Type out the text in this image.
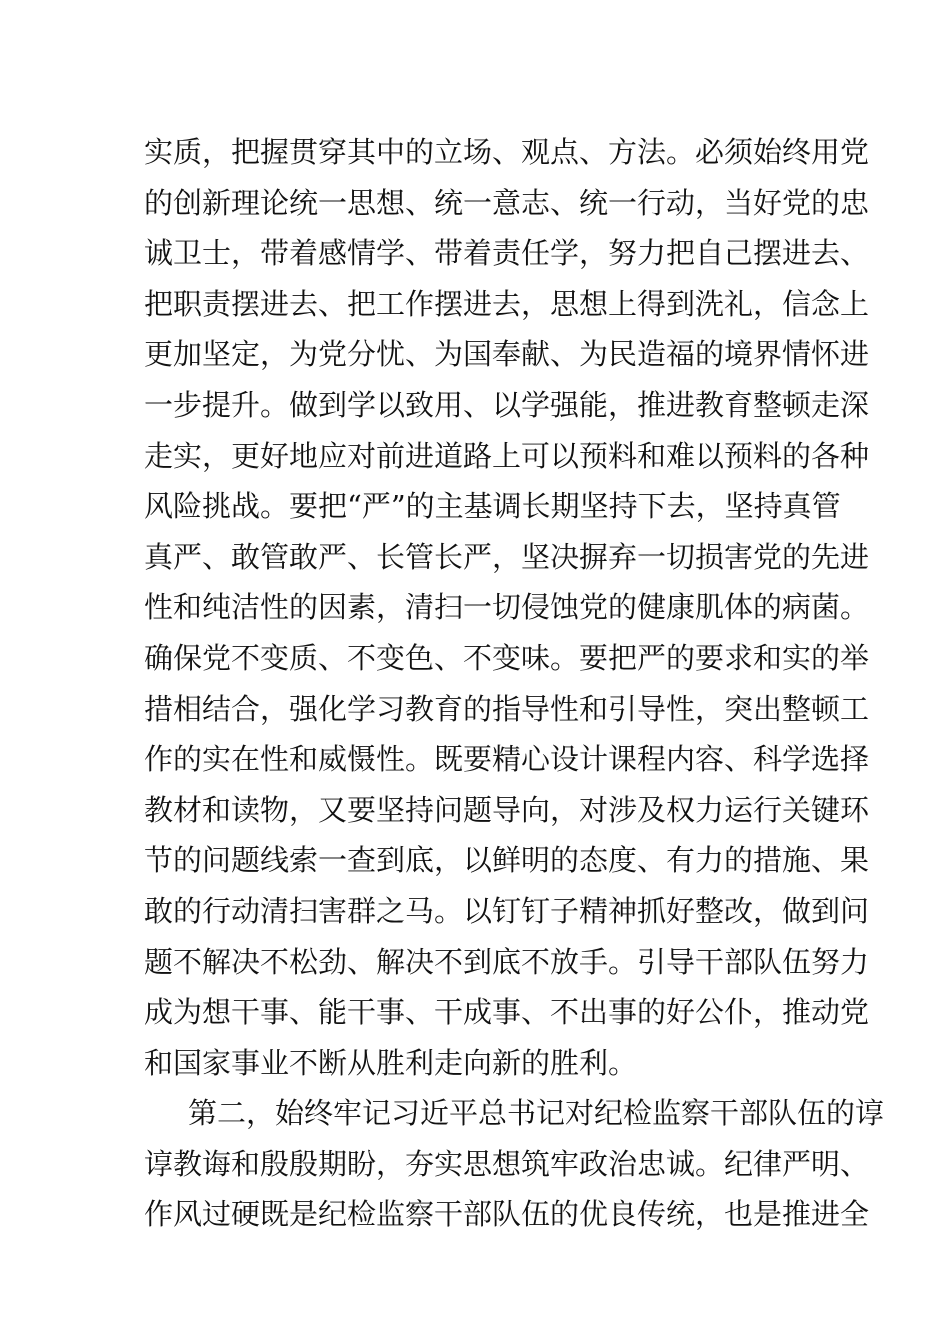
实质，把握贯穿其中的立场、观点、方法。必须始终用党
的创新理论统一思想、统一意志、统一行动，当好党的忠
诚卫士，带着感情学、带着责任学，努力把自己摆进去、
把职责摆进去、把工作摆进去，思想上得到洗礼，信念上
更加坚定，为党分忧、为国奉献、为民造福的境界情怀进
一步提升。做到学以致用、以学强能，推进教育整顿走深
走实，更好地应对前进道路上可以预料和难以预料的各种
风险挑战。要把“严”的主基调长期坚持下去，坚持真管
真严、敢管敢严、长管长严，坚决摒弃一切损害党的先进
性和纯洁性的因素，清扫一切侵蚀党的健康肌体的病菌。
确保党不变质、不变色、不变味。要把严的要求和实的举
措相结合，强化学习教育的指导性和引导性，突出整顿工
作的实在性和威慑性。既要精心设计课程内容、科学选择
教材和读物，又要坚持问题导向，对涉及权力运行关键环
节的问题线索一查到底，以鲜明的态度、有力的措施、果
敢的行动清扫害群之马。以钉钉子精神抓好整改，做到问
题不解决不松劲、解决不到底不放手。引导干部队伍努力
成为想干事、能干事、干成事、不出事的好公仆，推动党
和国家事业不断从胜利走向新的胜利。
第二，始终牢记习近平总书记对纪检监察干部队伍的谆
谆教诲和殷殷期盼，夯实思想筑牢政治忠诚。纪律严明、
作风过硬既是纪检监察干部队伍的优良传统，也是推进全
